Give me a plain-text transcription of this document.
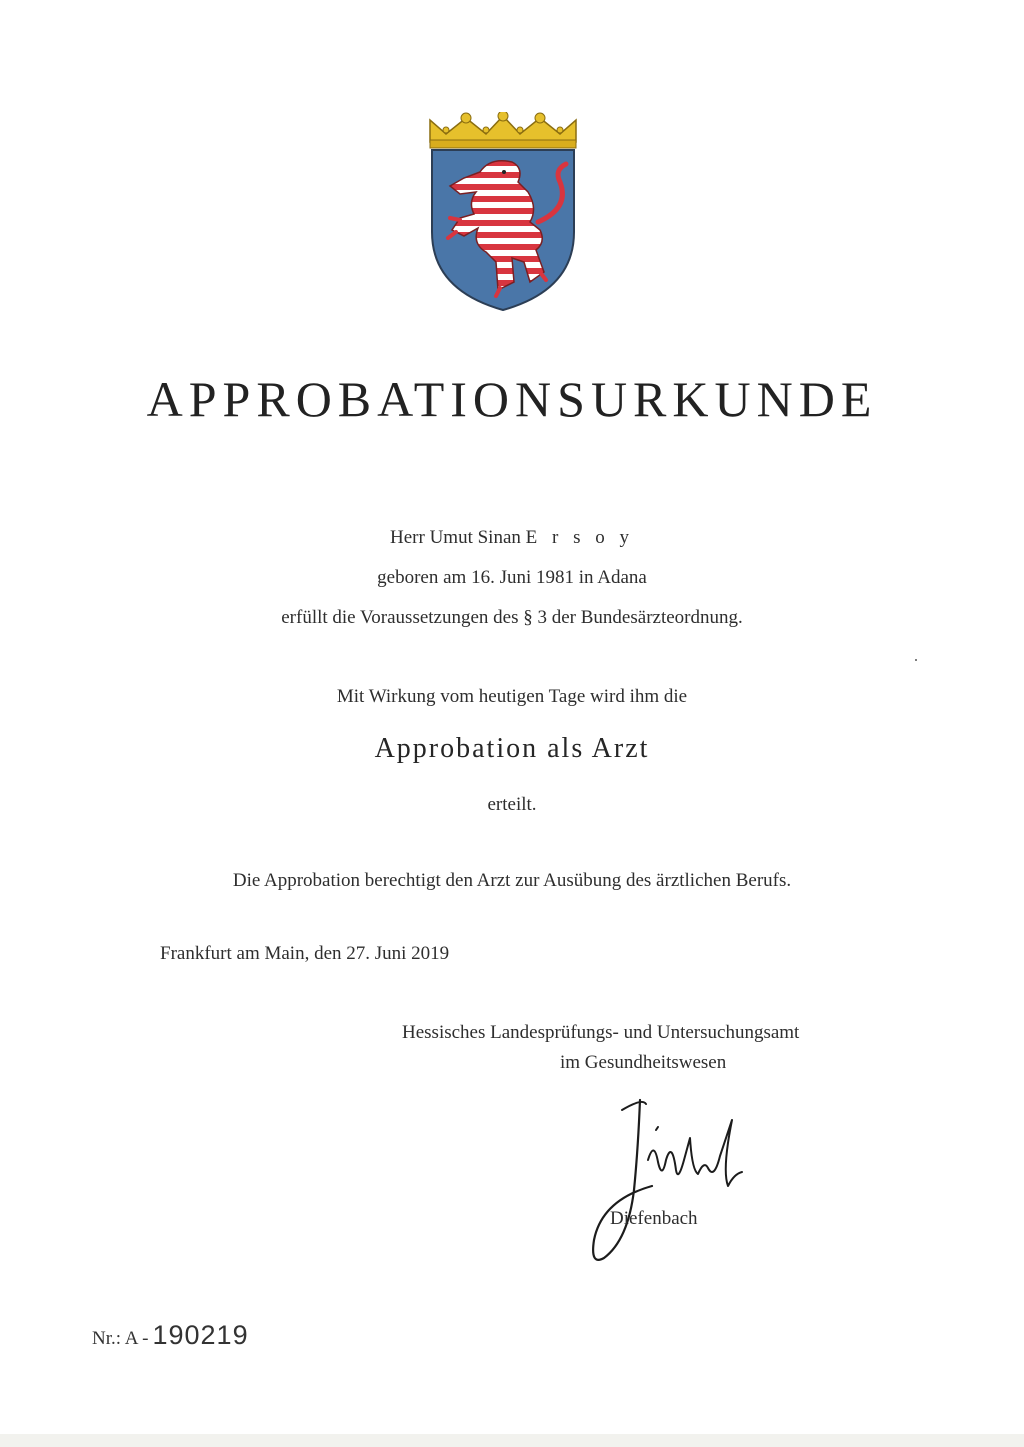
APPROBATIONSURKUNDE
Herr Umut Sinan E r s o y
geboren am 16. Juni 1981 in Adana
erfüllt die Voraussetzungen des § 3 der Bundesärzteordnung.
Mit Wirkung vom heutigen Tage wird ihm die
Approbation als Arzt
erteilt.
Die Approbation berechtigt den Arzt zur Ausübung des ärztlichen Berufs.
Frankfurt am Main, den 27. Juni 2019
Hessisches Landesprüfungs- und Untersuchungsamt
im Gesundheitswesen
Diefenbach
Nr.: A - 190219
